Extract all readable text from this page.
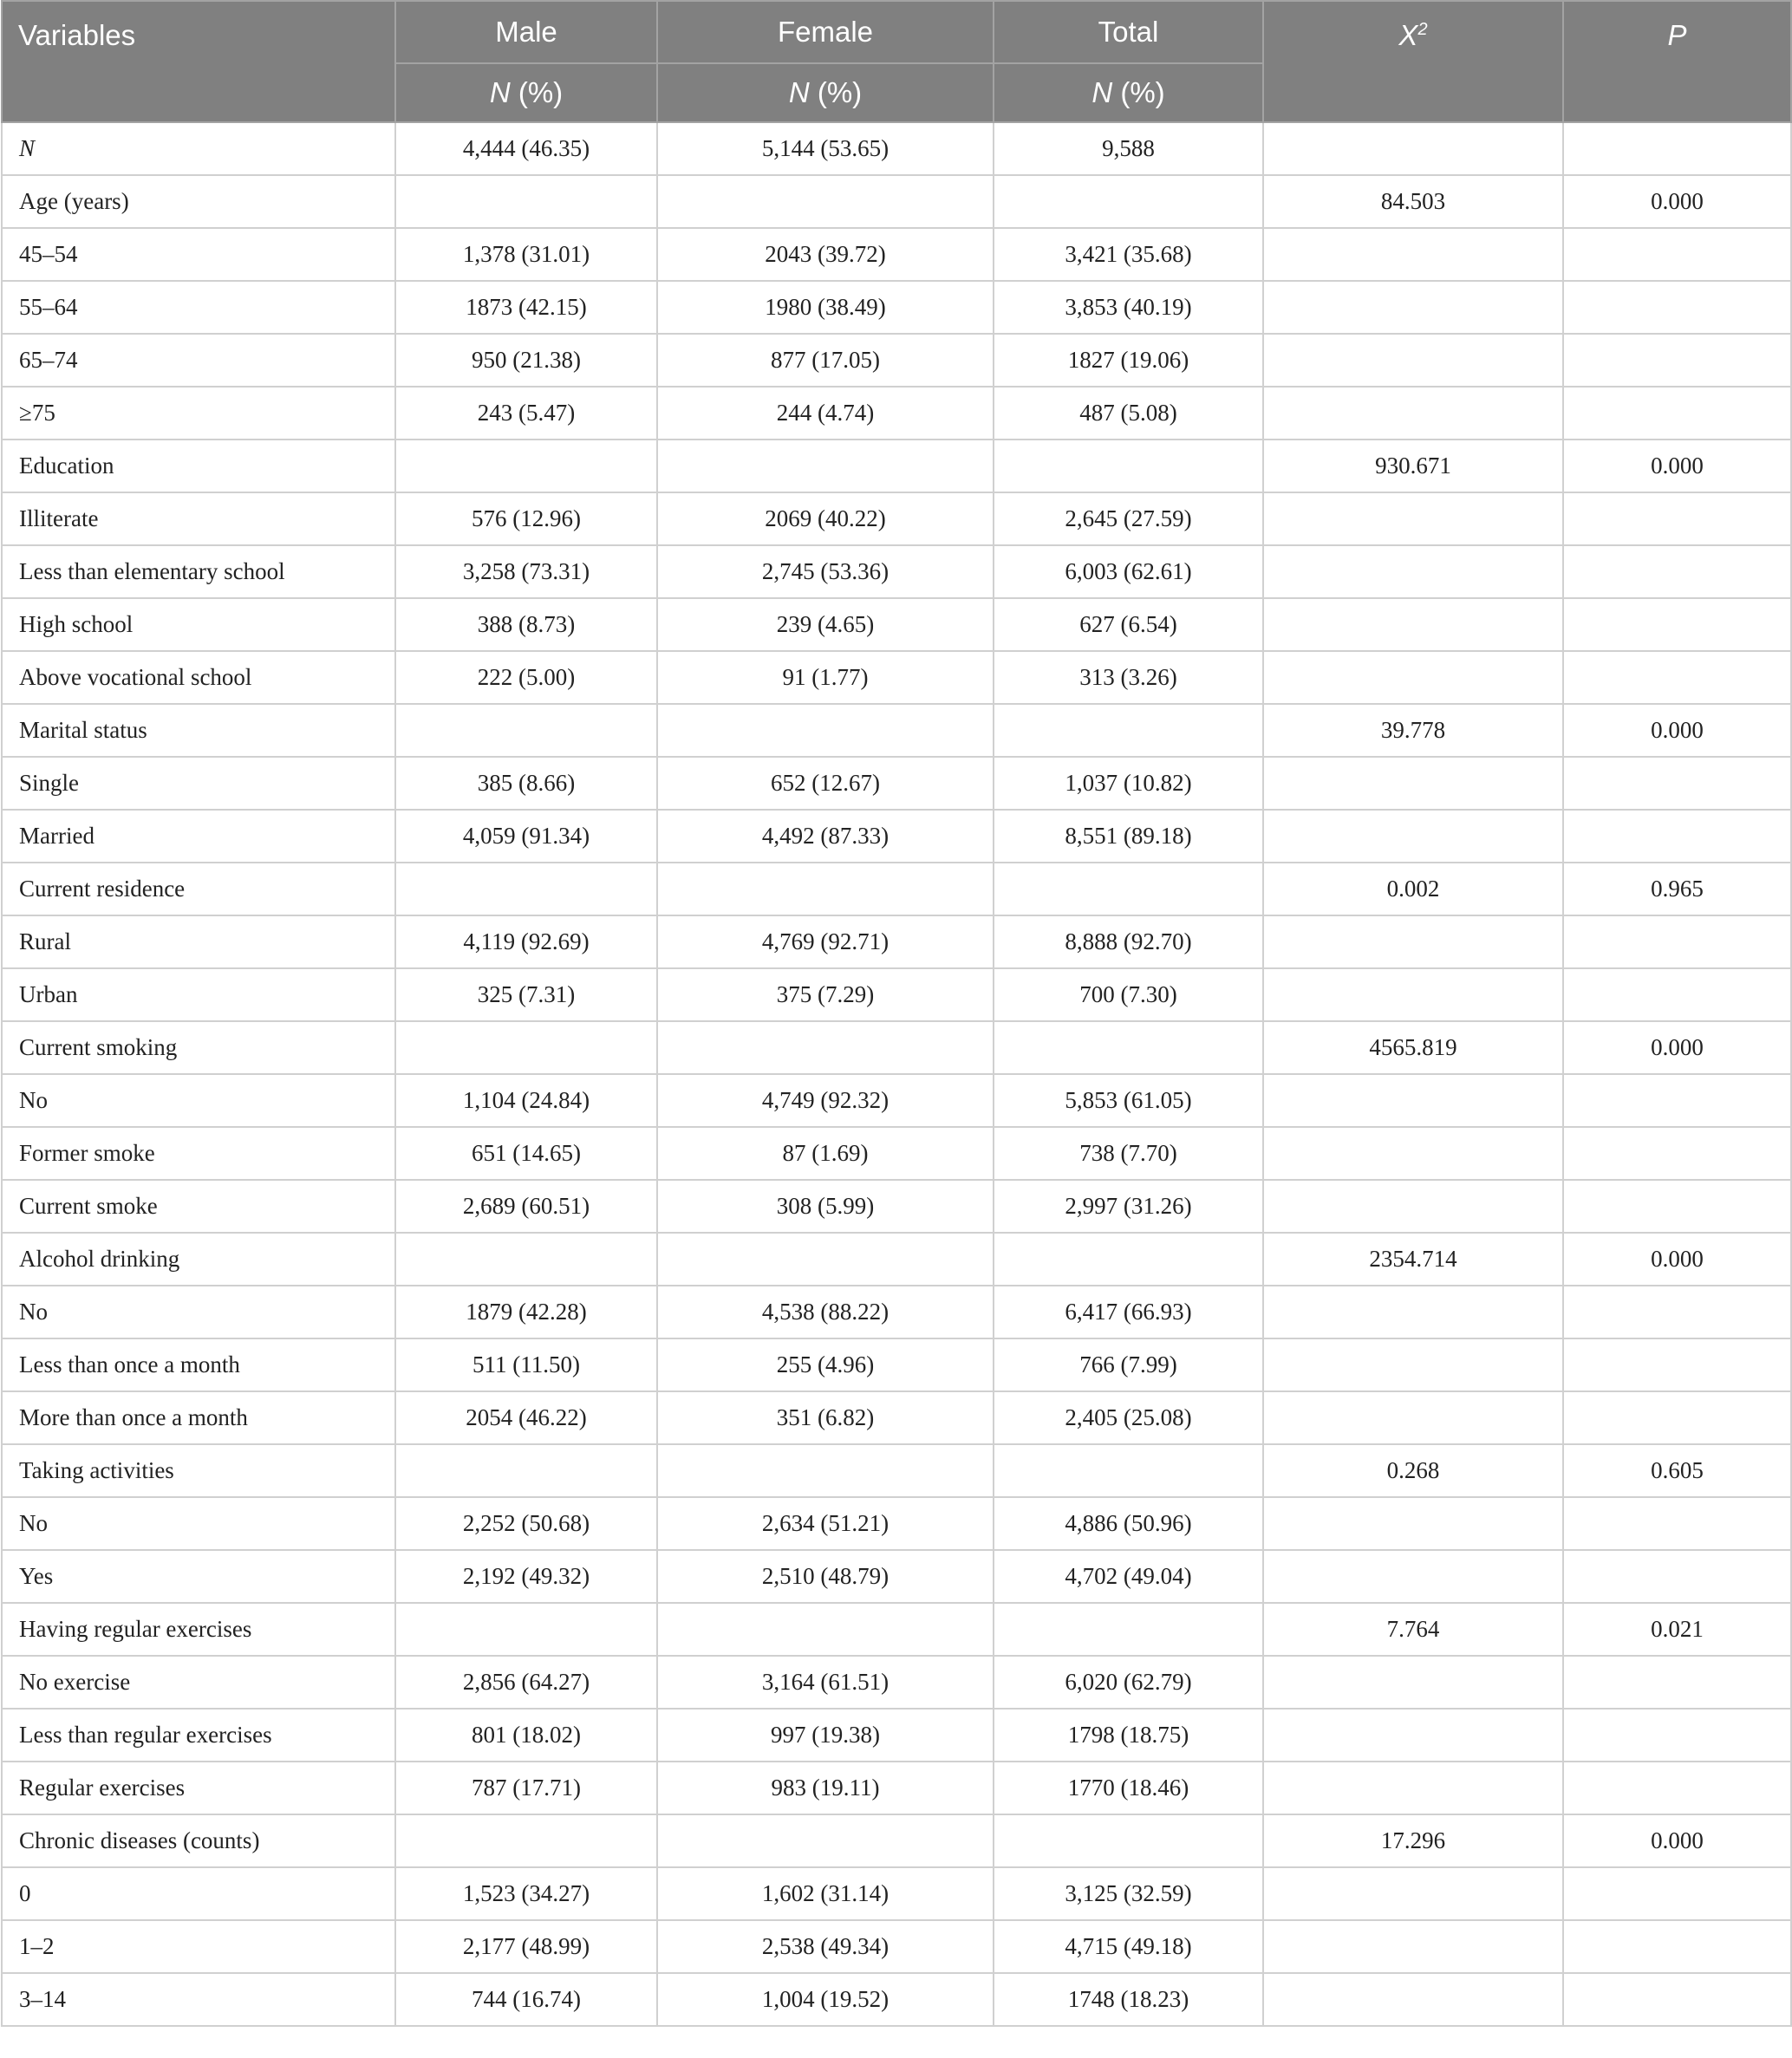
Variables	Male	Female	Total	$X^2$	P
	N (%)	N (%)	N (%)		
N	4,444 (46.35)	5,144 (53.65)	9,588		
Age (years)				84.503	0.000
45–54	1,378 (31.01)	2043 (39.72)	3,421 (35.68)		
55–64	1873 (42.15)	1980 (38.49)	3,853 (40.19)		
65–74	950 (21.38)	877 (17.05)	1827 (19.06)		
≥75	243 (5.47)	244 (4.74)	487 (5.08)		
Education				930.671	0.000
Illiterate	576 (12.96)	2069 (40.22)	2,645 (27.59)		
Less than elementary school	3,258 (73.31)	2,745 (53.36)	6,003 (62.61)		
High school	388 (8.73)	239 (4.65)	627 (6.54)		
Above vocational school	222 (5.00)	91 (1.77)	313 (3.26)		
Marital status				39.778	0.000
Single	385 (8.66)	652 (12.67)	1,037 (10.82)		
Married	4,059 (91.34)	4,492 (87.33)	8,551 (89.18)		
Current residence				0.002	0.965
Rural	4,119 (92.69)	4,769 (92.71)	8,888 (92.70)		
Urban	325 (7.31)	375 (7.29)	700 (7.30)		
Current smoking				4565.819	0.000
No	1,104 (24.84)	4,749 (92.32)	5,853 (61.05)		
Former smoke	651 (14.65)	87 (1.69)	738 (7.70)		
Current smoke	2,689 (60.51)	308 (5.99)	2,997 (31.26)		
Alcohol drinking				2354.714	0.000
No	1879 (42.28)	4,538 (88.22)	6,417 (66.93)		
Less than once a month	511 (11.50)	255 (4.96)	766 (7.99)		
More than once a month	2054 (46.22)	351 (6.82)	2,405 (25.08)		
Taking activities				0.268	0.605
No	2,252 (50.68)	2,634 (51.21)	4,886 (50.96)		
Yes	2,192 (49.32)	2,510 (48.79)	4,702 (49.04)		
Having regular exercises				7.764	0.021
No exercise	2,856 (64.27)	3,164 (61.51)	6,020 (62.79)		
Less than regular exercises	801 (18.02)	997 (19.38)	1798 (18.75)		
Regular exercises	787 (17.71)	983 (19.11)	1770 (18.46)		
Chronic diseases (counts)				17.296	0.000
0	1,523 (34.27)	1,602 (31.14)	3,125 (32.59)		
1–2	2,177 (48.99)	2,538 (49.34)	4,715 (49.18)		
3–14	744 (16.74)	1,004 (19.52)	1748 (18.23)		
